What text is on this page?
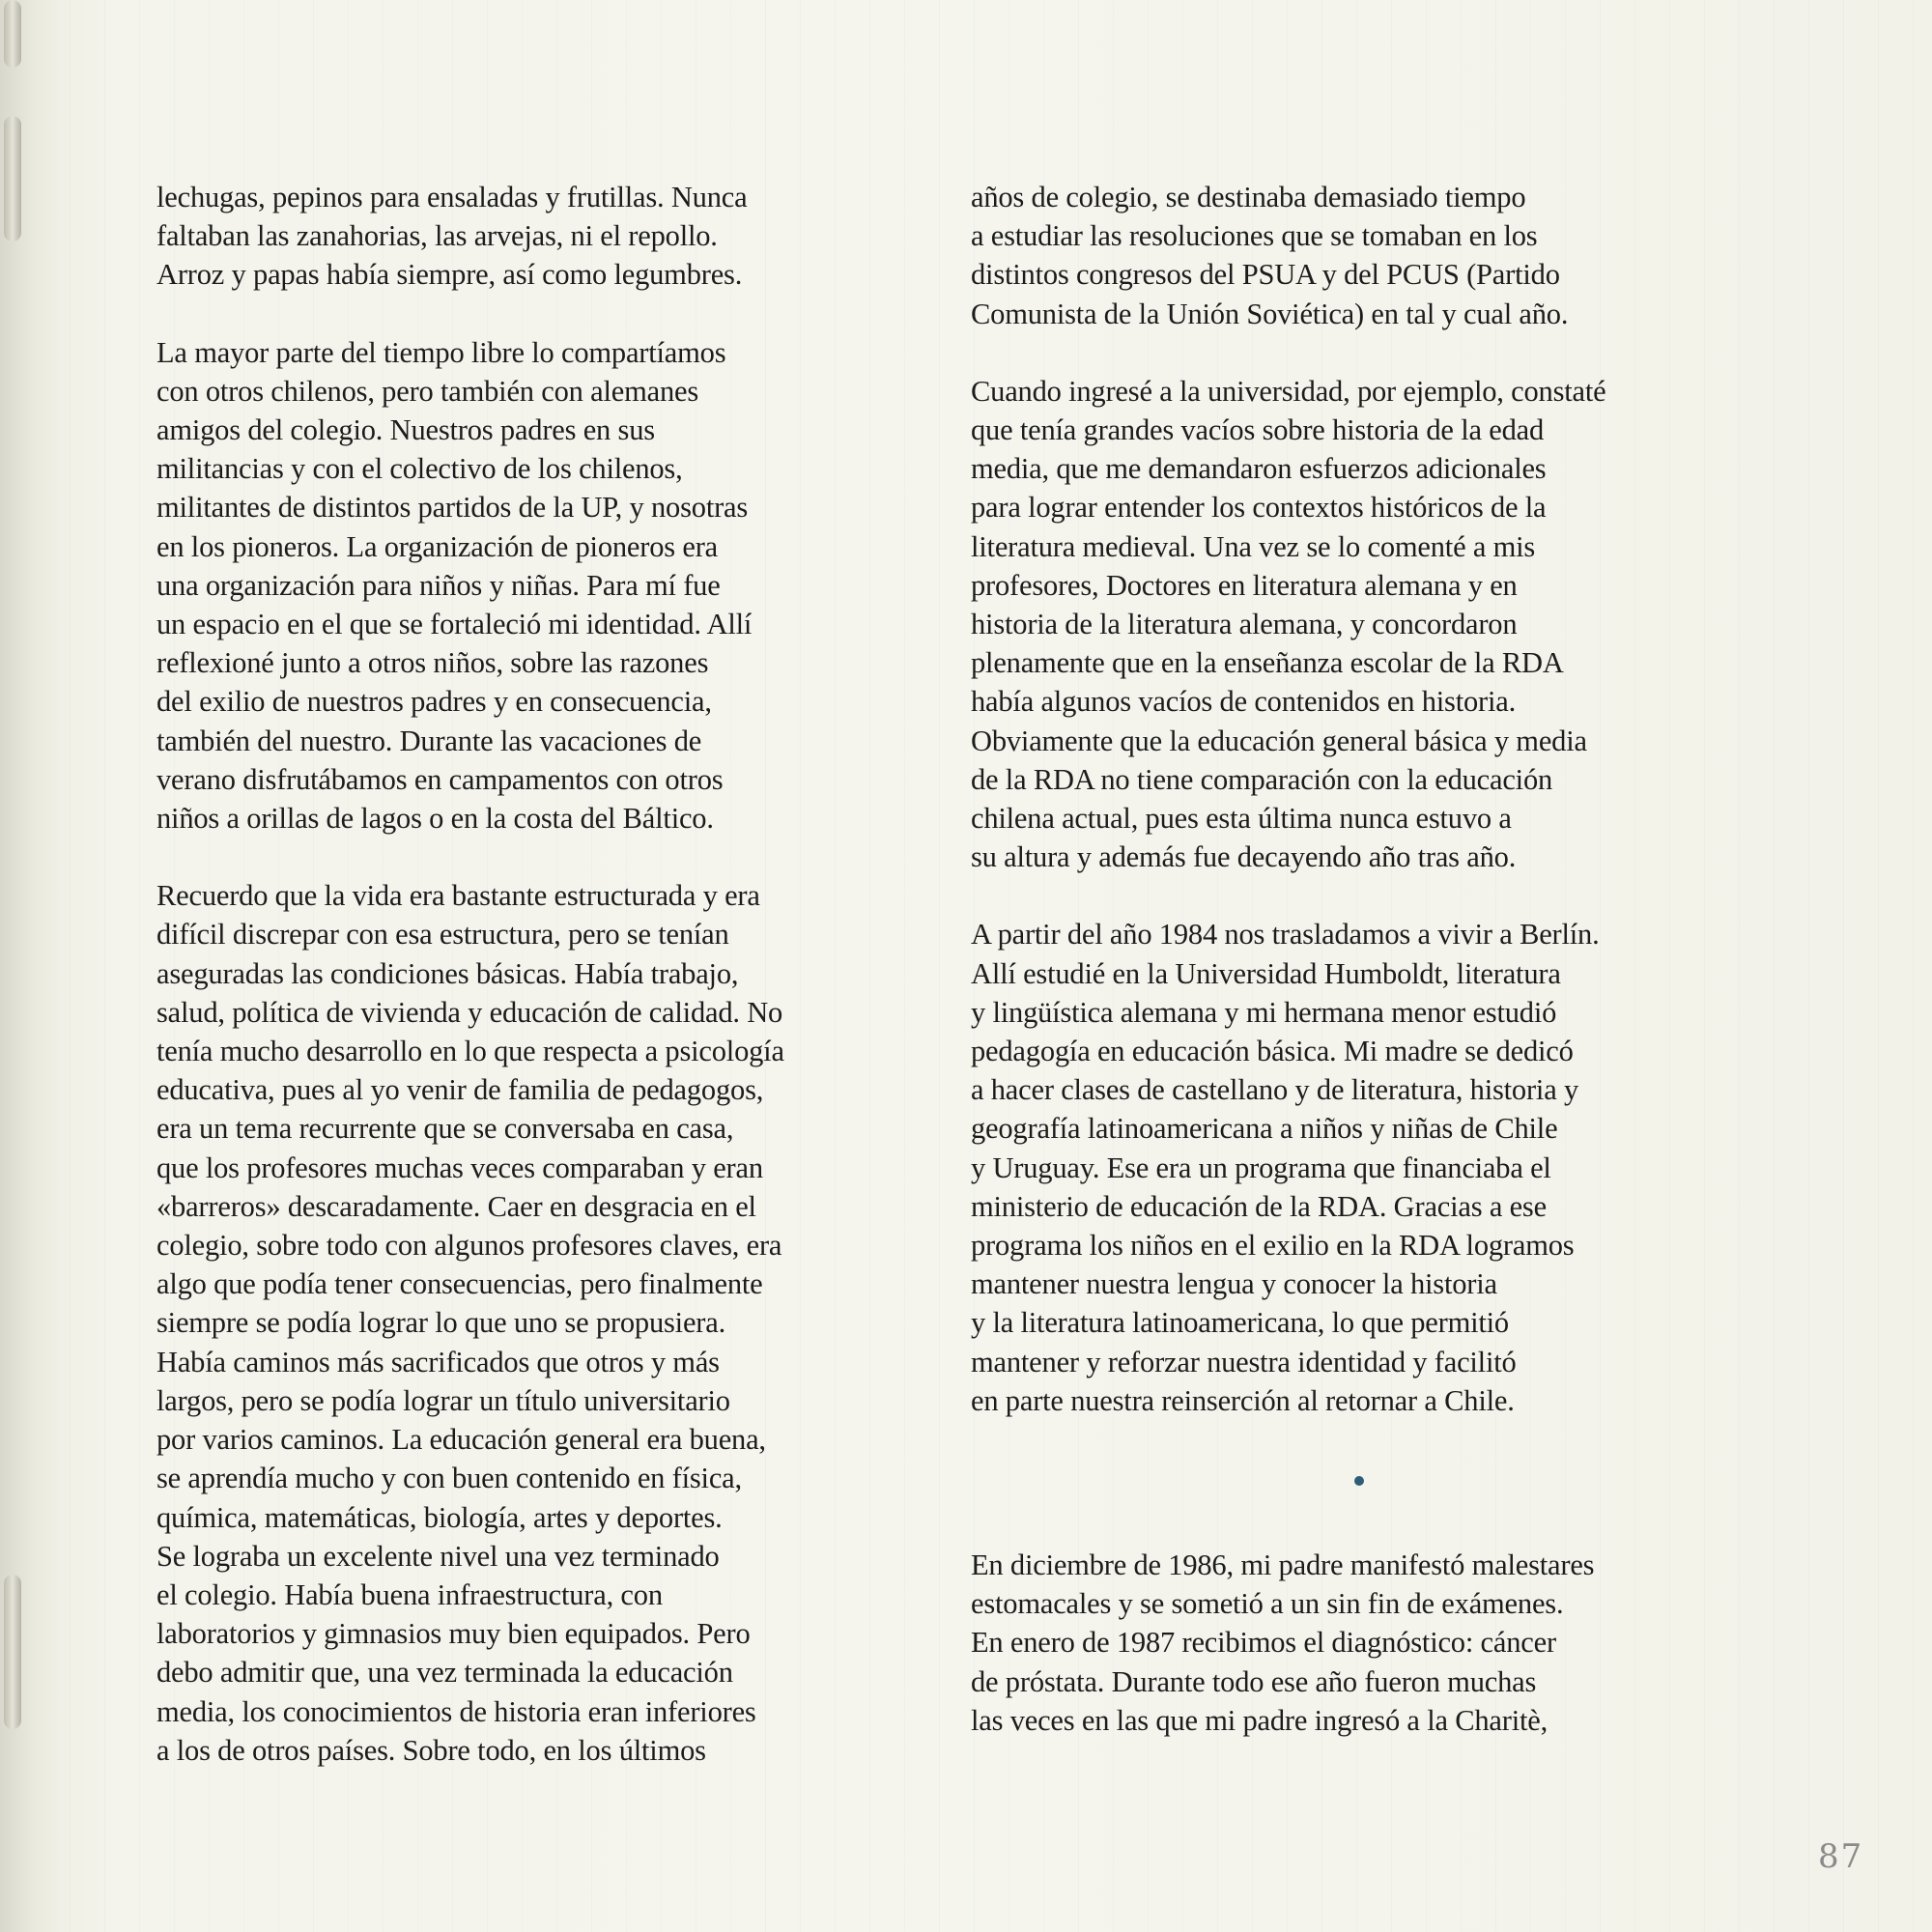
lechugas, pepinos para ensaladas y frutillas. Nunca
faltaban las zanahorias, las arvejas, ni el repollo.
Arroz y papas había siempre, así como legumbres.

La mayor parte del tiempo libre lo compartíamos
con otros chilenos, pero también con alemanes
amigos del colegio. Nuestros padres en sus
militancias y con el colectivo de los chilenos,
militantes de distintos partidos de la UP, y nosotras
en los pioneros. La organización de pioneros era
una organización para niños y niñas. Para mí fue
un espacio en el que se fortaleció mi identidad. Allí
reflexioné junto a otros niños, sobre las razones
del exilio de nuestros padres y en consecuencia,
también del nuestro. Durante las vacaciones de
verano disfrutábamos en campamentos con otros
niños a orillas de lagos o en la costa del Báltico.

Recuerdo que la vida era bastante estructurada y era
difícil discrepar con esa estructura, pero se tenían
aseguradas las condiciones básicas. Había trabajo,
salud, política de vivienda y educación de calidad. No
tenía mucho desarrollo en lo que respecta a psicología
educativa, pues al yo venir de familia de pedagogos,
era un tema recurrente que se conversaba en casa,
que los profesores muchas veces comparaban y eran
«barreros» descaradamente. Caer en desgracia en el
colegio, sobre todo con algunos profesores claves, era
algo que podía tener consecuencias, pero finalmente
siempre se podía lograr lo que uno se propusiera.
Había caminos más sacrificados que otros y más
largos, pero se podía lograr un título universitario
por varios caminos. La educación general era buena,
se aprendía mucho y con buen contenido en física,
química, matemáticas, biología, artes y deportes.
Se lograba un excelente nivel una vez terminado
el colegio. Había buena infraestructura, con
laboratorios y gimnasios muy bien equipados. Pero
debo admitir que, una vez terminada la educación
media, los conocimientos de historia eran inferiores
a los de otros países. Sobre todo, en los últimos

años de colegio, se destinaba demasiado tiempo
a estudiar las resoluciones que se tomaban en los
distintos congresos del PSUA y del PCUS (Partido
Comunista de la Unión Soviética) en tal y cual año.

Cuando ingresé a la universidad, por ejemplo, constaté
que tenía grandes vacíos sobre historia de la edad
media, que me demandaron esfuerzos adicionales
para lograr entender los contextos históricos de la
literatura medieval. Una vez se lo comenté a mis
profesores, Doctores en literatura alemana y en
historia de la literatura alemana, y concordaron
plenamente que en la enseñanza escolar de la RDA
había algunos vacíos de contenidos en historia.
Obviamente que la educación general básica y media
de la RDA no tiene comparación con la educación
chilena actual, pues esta última nunca estuvo a
su altura y además fue decayendo año tras año.

A partir del año 1984 nos trasladamos a vivir a Berlín.
Allí estudié en la Universidad Humboldt, literatura
y lingüística alemana y mi hermana menor estudió
pedagogía en educación básica. Mi madre se dedicó
a hacer clases de castellano y de literatura, historia y
geografía latinoamericana a niños y niñas de Chile
y Uruguay. Ese era un programa que financiaba el
ministerio de educación de la RDA. Gracias a ese
programa los niños en el exilio en la RDA logramos
mantener nuestra lengua y conocer la historia
y la literatura latinoamericana, lo que permitió
mantener y reforzar nuestra identidad y facilitó
en parte nuestra reinserción al retornar a Chile.

En diciembre de 1986, mi padre manifestó malestares
estomacales y se sometió a un sin fin de exámenes.
En enero de 1987 recibimos el diagnóstico: cáncer
de próstata. Durante todo ese año fueron muchas
las veces en las que mi padre ingresó a la Charitè,

87
